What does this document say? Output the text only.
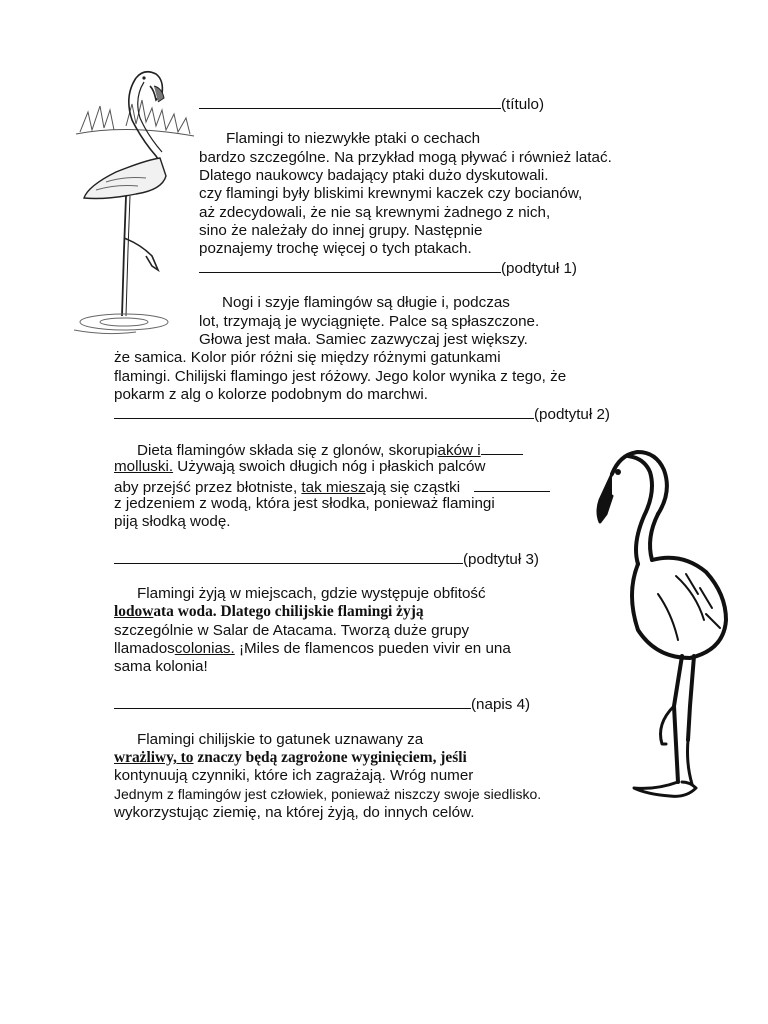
(título)
Flamingi to niezwykłe ptaki o cechach
bardzo szczególne. Na przykład mogą pływać i również latać.
Dlatego naukowcy badający ptaki dużo dyskutowali.
czy flamingi były bliskimi krewnymi kaczek czy bocianów,
aż zdecydowali, że nie są krewnymi żadnego z nich,
sino że należały do innej grupy. Następnie
poznajemy trochę więcej o tych ptakach.
(podtytuł 1)
Nogi i szyje flamingów są długie i, podczas
lot, trzymają je wyciągnięte. Palce są spłaszczone.
Głowa jest mała. Samiec zazwyczaj jest większy.
że samica. Kolor piór różni się między różnymi gatunkami
flamingi. Chilijski flamingo jest różowy. Jego kolor wynika z tego, że
pokarm z alg o kolorze podobnym do marchwi.
(podtytuł 2)
Dieta flamingów składa się z glonów, skorupiaków i
molluski. Używają swoich długich nóg i płaskich palców
aby przejść przez błotniste, tak mieszają się cząstki
z jedzeniem z wodą, która jest słodka, ponieważ flamingi
piją słodką wodę.
(podtytuł 3)
Flamingi żyją w miejscach, gdzie występuje obfitość
lodowata woda. Dlatego chilijskie flamingi żyją
szczególnie w Salar de Atacama. Tworzą duże grupy
llamadoscolonias. ¡Miles de flamencos pueden vivir en una
sama kolonia!
(napis 4)
Flamingi chilijskie to gatunek uznawany za
wrażliwy, to znaczy będą zagrożone wyginięciem, jeśli
kontynuują czynniki, które ich zagrażają. Wróg numer
Jednym z flamingów jest człowiek, ponieważ niszczy swoje siedlisko.
wykorzystując ziemię, na której żyją, do innych celów.
